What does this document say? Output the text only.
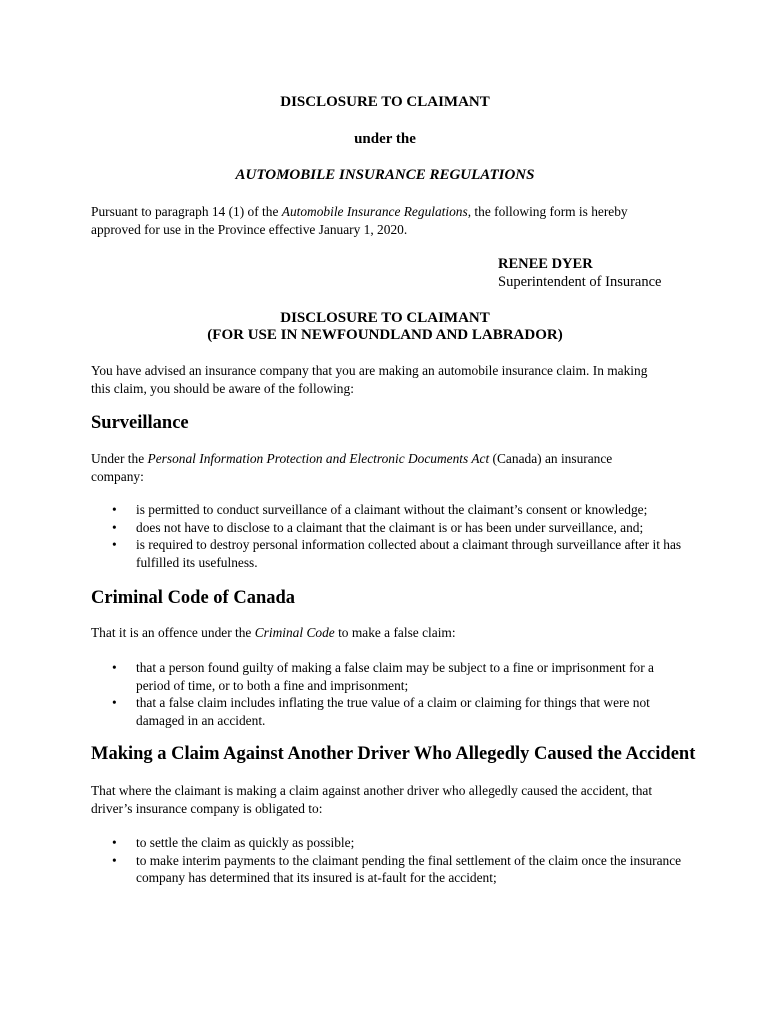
DISCLOSURE TO CLAIMANT
under the
AUTOMOBILE INSURANCE REGULATIONS
Pursuant to paragraph 14 (1) of the Automobile Insurance Regulations, the following form is hereby
approved for use in the Province effective January 1, 2020.
RENEE DYER
Superintendent of Insurance
DISCLOSURE TO CLAIMANT
(FOR USE IN NEWFOUNDLAND AND LABRADOR)
You have advised an insurance company that you are making an automobile insurance claim. In making
this claim, you should be aware of the following:
Surveillance
Under the Personal Information Protection and Electronic Documents Act (Canada) an insurance
company:
• is permitted to conduct surveillance of a claimant without the claimant’s consent or knowledge;
• does not have to disclose to a claimant that the claimant is or has been under surveillance, and;
• is required to destroy personal information collected about a claimant through surveillance after it has fulfilled its usefulness.
Criminal Code of Canada
That it is an offence under the Criminal Code to make a false claim:
• that a person found guilty of making a false claim may be subject to a fine or imprisonment for a period of time, or to both a fine and imprisonment;
• that a false claim includes inflating the true value of a claim or claiming for things that were not damaged in an accident.
Making a Claim Against Another Driver Who Allegedly Caused the Accident
That where the claimant is making a claim against another driver who allegedly caused the accident, that
driver’s insurance company is obligated to:
• to settle the claim as quickly as possible;
• to make interim payments to the claimant pending the final settlement of the claim once the insurance company has determined that its insured is at-fault for the accident;
